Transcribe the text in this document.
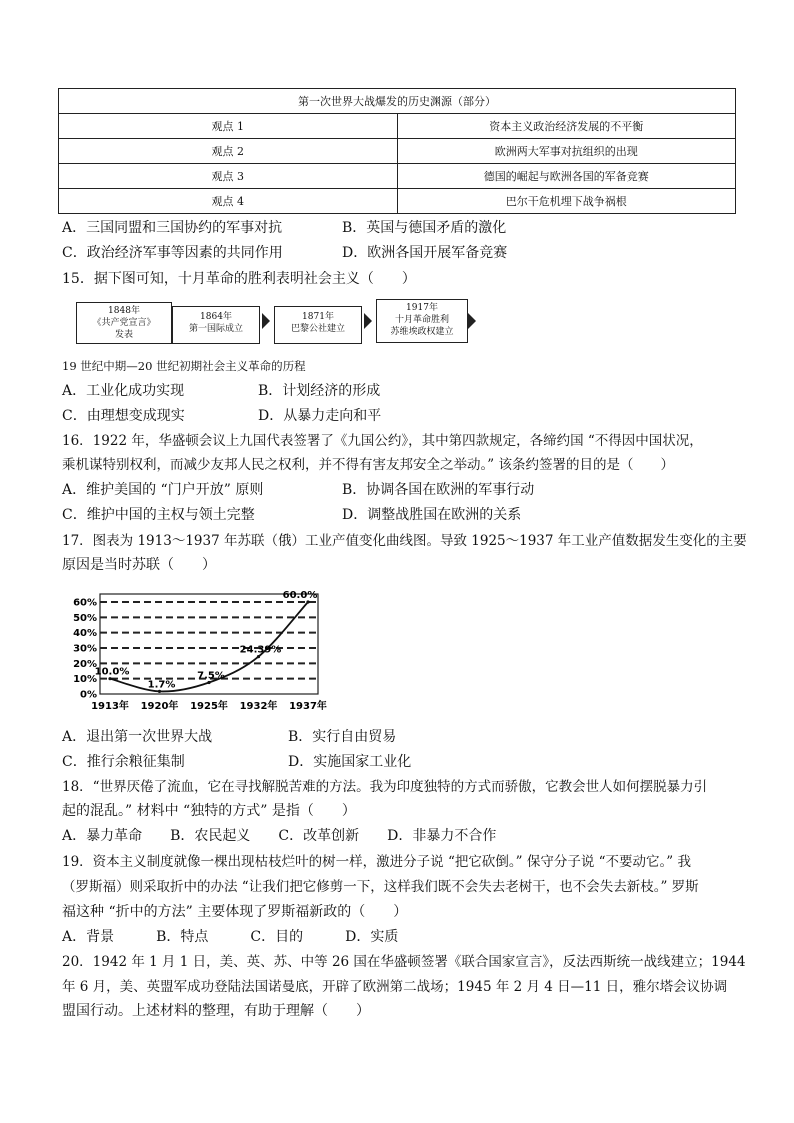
第一次世界大战爆发的历史渊源（部分）	
观点 1	资本主义政治经济发展的不平衡
观点 2	欧洲两大军事对抗组织的出现
观点 3	德国的崛起与欧洲各国的军备竞赛
观点 4	巴尔干危机埋下战争祸根
A．三国同盟和三国协约的军事对抗	B．英国与德国矛盾的激化
C．政治经济军事等因素的共同作用	D．欧洲各国开展军备竞赛
15．据下图可知，十月革命的胜利表明社会主义（　　）
1848年
《共产党宣言》
发表
1864年
第一国际成立
1871年
巴黎公社建立
1917年
十月革命胜利
苏维埃政权建立
19 世纪中期—20 世纪初期社会主义革命的历程
A．工业化成功实现	B．计划经济的形成
C．由理想变成现实	D．从暴力走向和平
16．1922 年，华盛顿会议上九国代表签署了《九国公约》，其中第四款规定，各缔约国 “不得因中国状况，
乘机谋特别权利，而减少友邦人民之权利，并不得有害友邦安全之举动。” 该条约签署的目的是（　　）
A．维护美国的 “门户开放” 原则	B．协调各国在欧洲的军事行动
C．维护中国的主权与领土完整	D．调整战胜国在欧洲的关系
17．图表为 1913～1937 年苏联（俄）工业产值变化曲线图。导致 1925～1937 年工业产值数据发生变化的主要
原因是当时苏联（　　）
60%
50%
40%
30%
20%
10%
0%
1913年 1920年 1925年 1932年 1937年
10.0%
1.7%
7.5%
24.39%
60.0%
A．退出第一次世界大战	B．实行自由贸易
C．推行余粮征集制	D．实施国家工业化
18．“世界厌倦了流血，它在寻找解脱苦难的方法。我为印度独特的方式而骄傲，它教会世人如何摆脱暴力引
起的混乱。” 材料中 “独特的方式” 是指（　　）
A．暴力革命　　B．农民起义　　C．改革创新　　D．非暴力不合作
19．资本主义制度就像一棵出现枯枝烂叶的树一样，激进分子说 “把它砍倒。” 保守分子说 “不要动它。” 我
（罗斯福）则采取折中的办法 “让我们把它修剪一下，这样我们既不会失去老树干，也不会失去新枝。” 罗斯
福这种 “折中的方法” 主要体现了罗斯福新政的（　　）
A．背景　　　B．特点　　　C．目的　　　D．实质
20．1942 年 1 月 1 日，美、英、苏、中等 26 国在华盛顿签署《联合国家宣言》，反法西斯统一战线建立；1944
年 6 月，美、英盟军成功登陆法国诺曼底，开辟了欧洲第二战场；1945 年 2 月 4 日—11 日，雅尔塔会议协调
盟国行动。上述材料的整理，有助于理解（　　）
